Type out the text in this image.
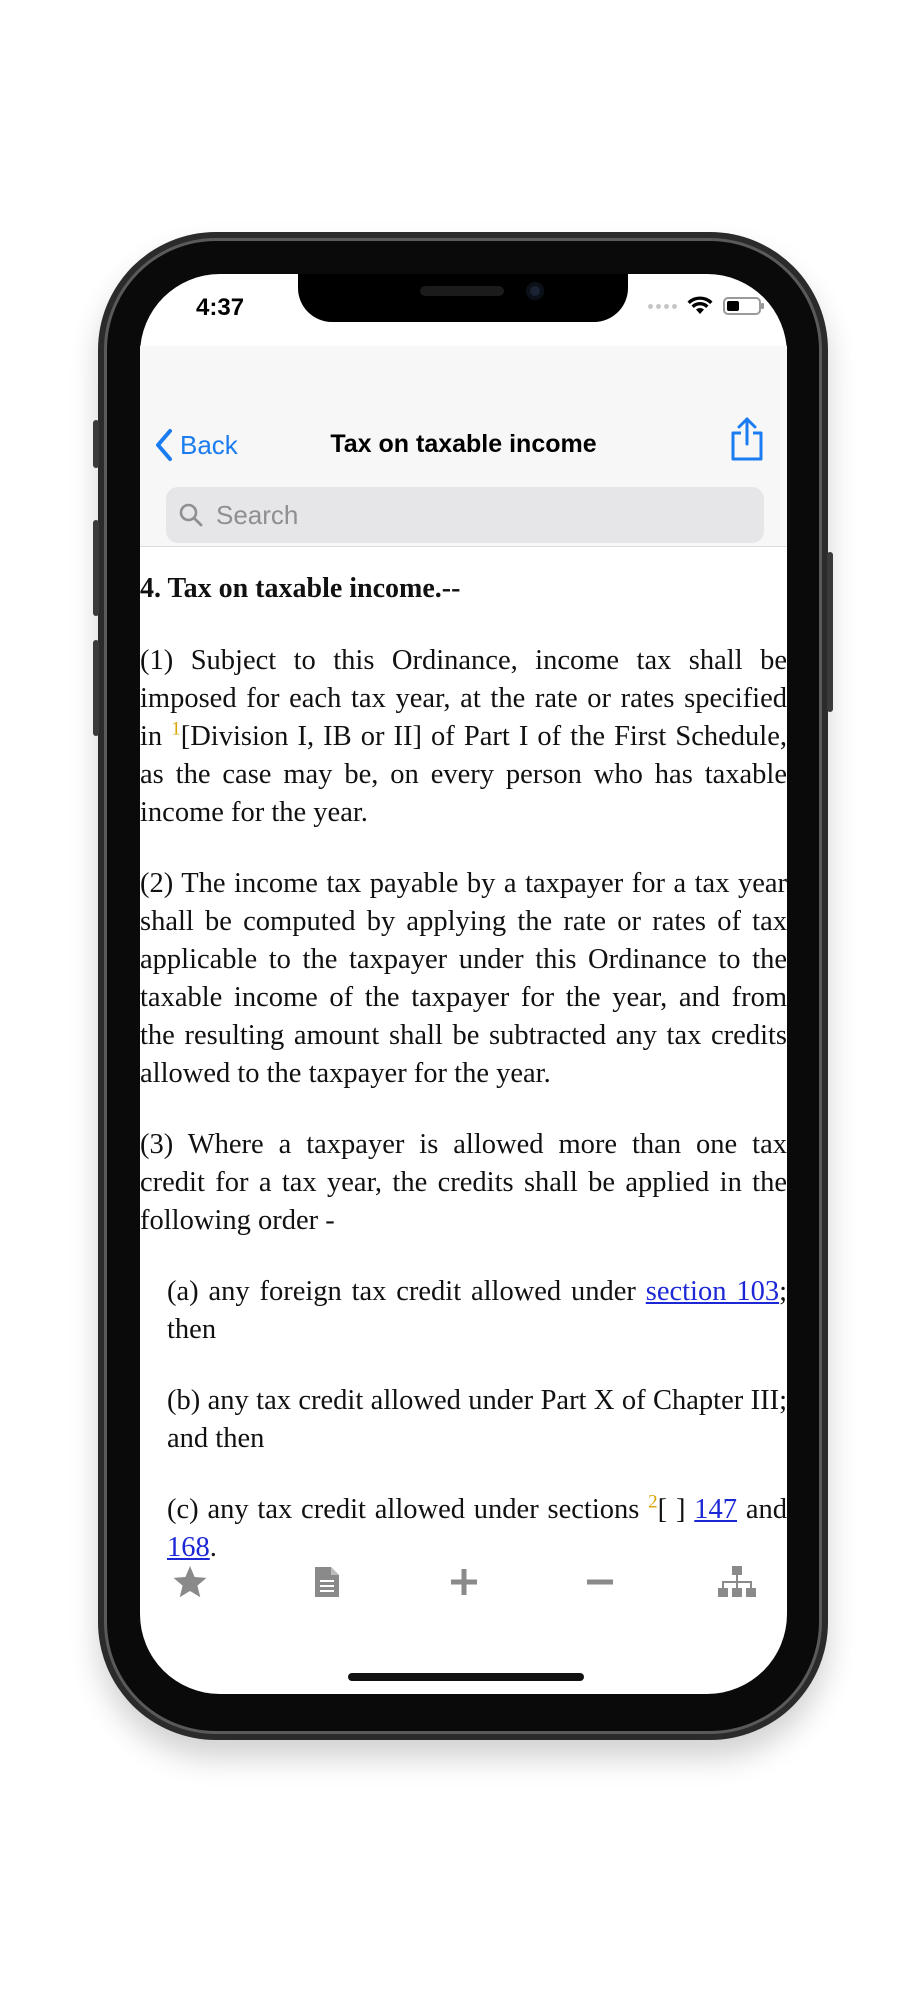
4:37
Back	Tax on taxable income
Search
4. Tax on taxable income.--

(1) Subject to this Ordinance, income tax shall be imposed for each tax year, at the rate or rates specified in $^1$[Division I, IB or II] of Part I of the First Schedule, as the case may be, on every person who has taxable income for the year.

(2) The income tax payable by a taxpayer for a tax year shall be computed by applying the rate or rates of tax applicable to the taxpayer under this Ordinance to the taxable income of the taxpayer for the year, and from the resulting amount shall be subtracted any tax credits allowed to the taxpayer for the year.

(3) Where a taxpayer is allowed more than one tax credit for a tax year, the credits shall be applied in the following order -

(a) any foreign tax credit allowed under section 103; then

(b) any tax credit allowed under Part X of Chapter III; and then

(c) any tax credit allowed under sections $^2$[ ] 147 and 168.
